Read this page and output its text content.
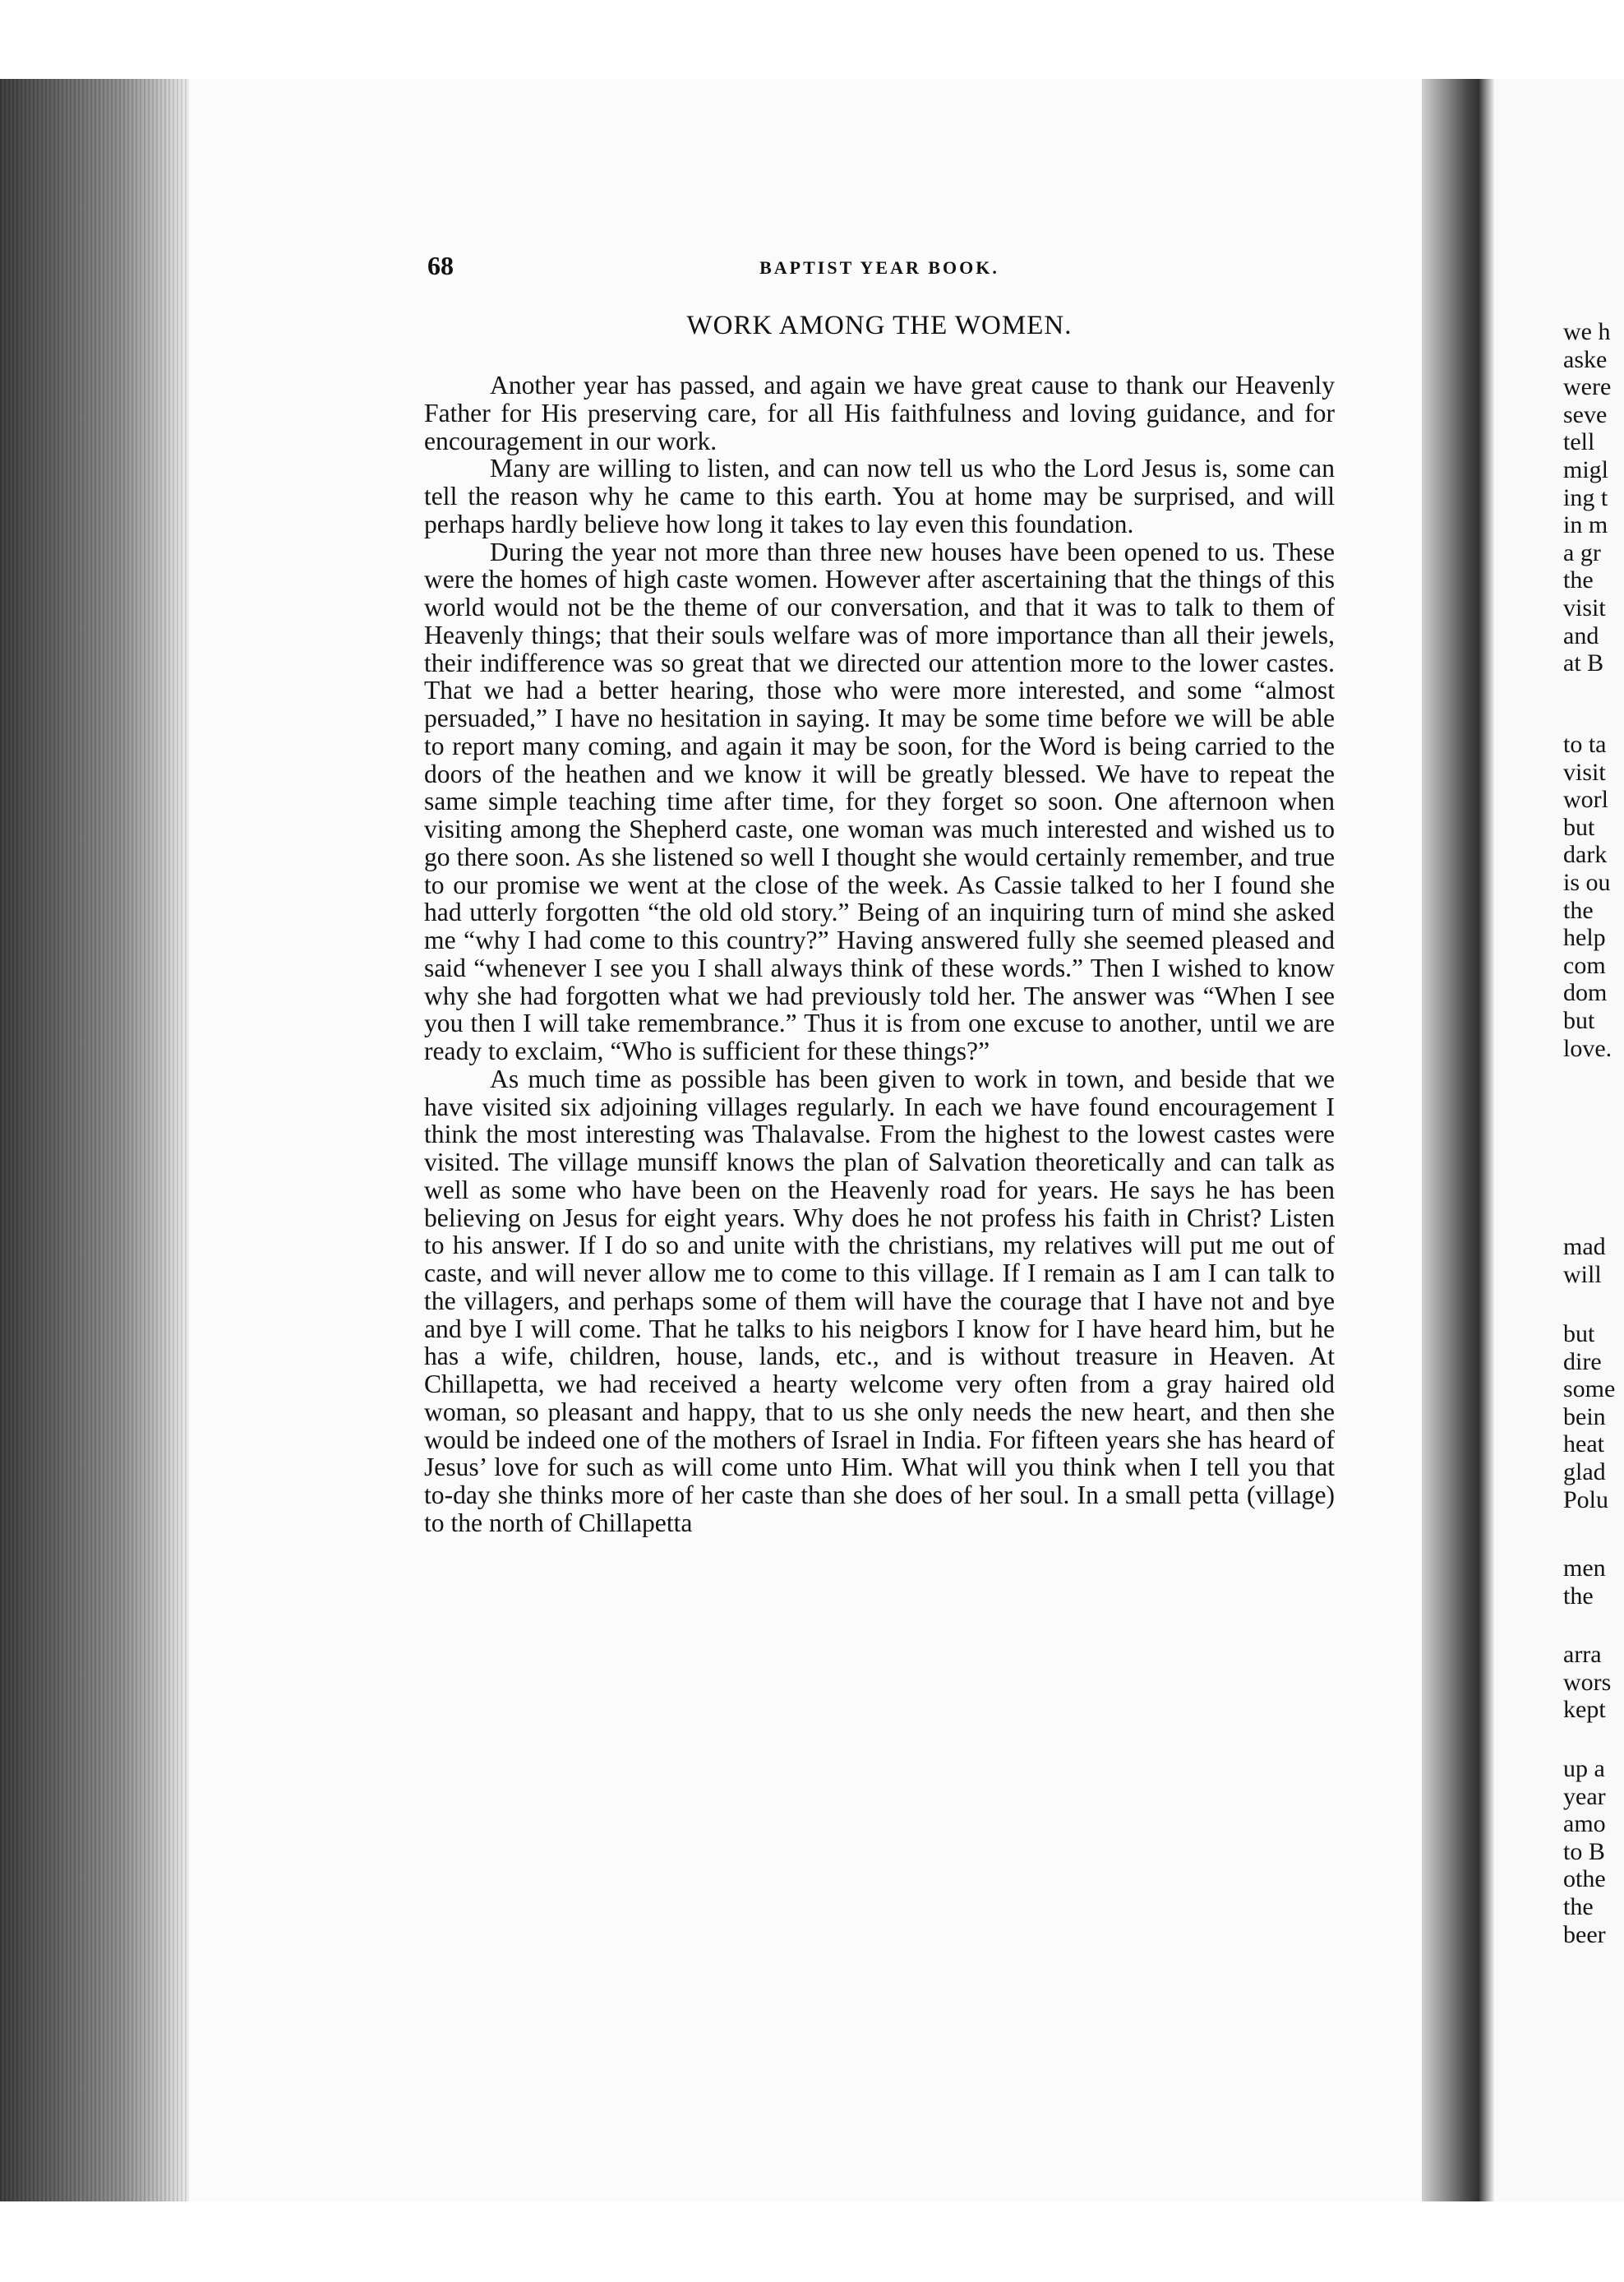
68	BAPTIST YEAR BOOK.
WORK AMONG THE WOMEN.

Another year has passed, and again we have great cause to thank our Heavenly Father for His preserving care, for all His faithfulness and loving guidance, and for encouragement in our work.

Many are willing to listen, and can now tell us who the Lord Jesus is, some can tell the reason why he came to this earth. You at home may be surprised, and will perhaps hardly believe how long it takes to lay even this foundation.

During the year not more than three new houses have been opened to us. These were the homes of high caste women. However after ascertaining that the things of this world would not be the theme of our conversation, and that it was to talk to them of Heavenly things; that their souls welfare was of more importance than all their jewels, their indifference was so great that we directed our attention more to the lower castes. That we had a better hearing, those who were more interested, and some “almost persuaded,” I have no hesitation in saying. It may be some time before we will be able to report many coming, and again it may be soon, for the Word is being carried to the doors of the heathen and we know it will be greatly blessed. We have to repeat the same simple teaching time after time, for they forget so soon. One afternoon when visiting among the Shepherd caste, one woman was much interested and wished us to go there soon. As she listened so well I thought she would certainly remember, and true to our promise we went at the close of the week. As Cassie talked to her I found she had utterly forgotten “the old old story.” Being of an inquiring turn of mind she asked me “why I had come to this country?” Having answered fully she seemed pleased and said “whenever I see you I shall always think of these words.” Then I wished to know why she had forgotten what we had previously told her. The answer was “When I see you then I will take remembrance.” Thus it is from one excuse to another, until we are ready to exclaim, “Who is sufficient for these things?”

As much time as possible has been given to work in town, and beside that we have visited six adjoining villages regularly. In each we have found encouragement I think the most interesting was Thalavalse. From the highest to the lowest castes were visited. The village munsiff knows the plan of Salvation theoretically and can talk as well as some who have been on the Heavenly road for years. He says he has been believing on Jesus for eight years. Why does he not profess his faith in Christ? Listen to his answer. If I do so and unite with the christians, my relatives will put me out of caste, and will never allow me to come to this village. If I remain as I am I can talk to the villagers, and perhaps some of them will have the courage that I have not and bye and bye I will come. That he talks to his neigbors I know for I have heard him, but he has a wife, children, house, lands, etc., and is without treasure in Heaven. At Chillapetta, we had received a hearty welcome very often from a gray haired old woman, so pleasant and happy, that to us she only needs the new heart, and then she would be indeed one of the mothers of Israel in India. For fifteen years she has heard of Jesus’ love for such as will come unto Him. What will you think when I tell you that to-day she thinks more of her caste than she does of her soul. In a small petta (village) to the north of Chillapetta

we h
aske
were
seve
tell
migl
ing t
in m
a gr
the
visit
and
at B
to ta
visit
worl
but
dark
is ou
the
help
com
dom
but
love.
mad
will
but
dire
some
bein
heat
glad
Polu
men
the
arra
wors
kept
up a
year
amo
to B
othe
the
beer
